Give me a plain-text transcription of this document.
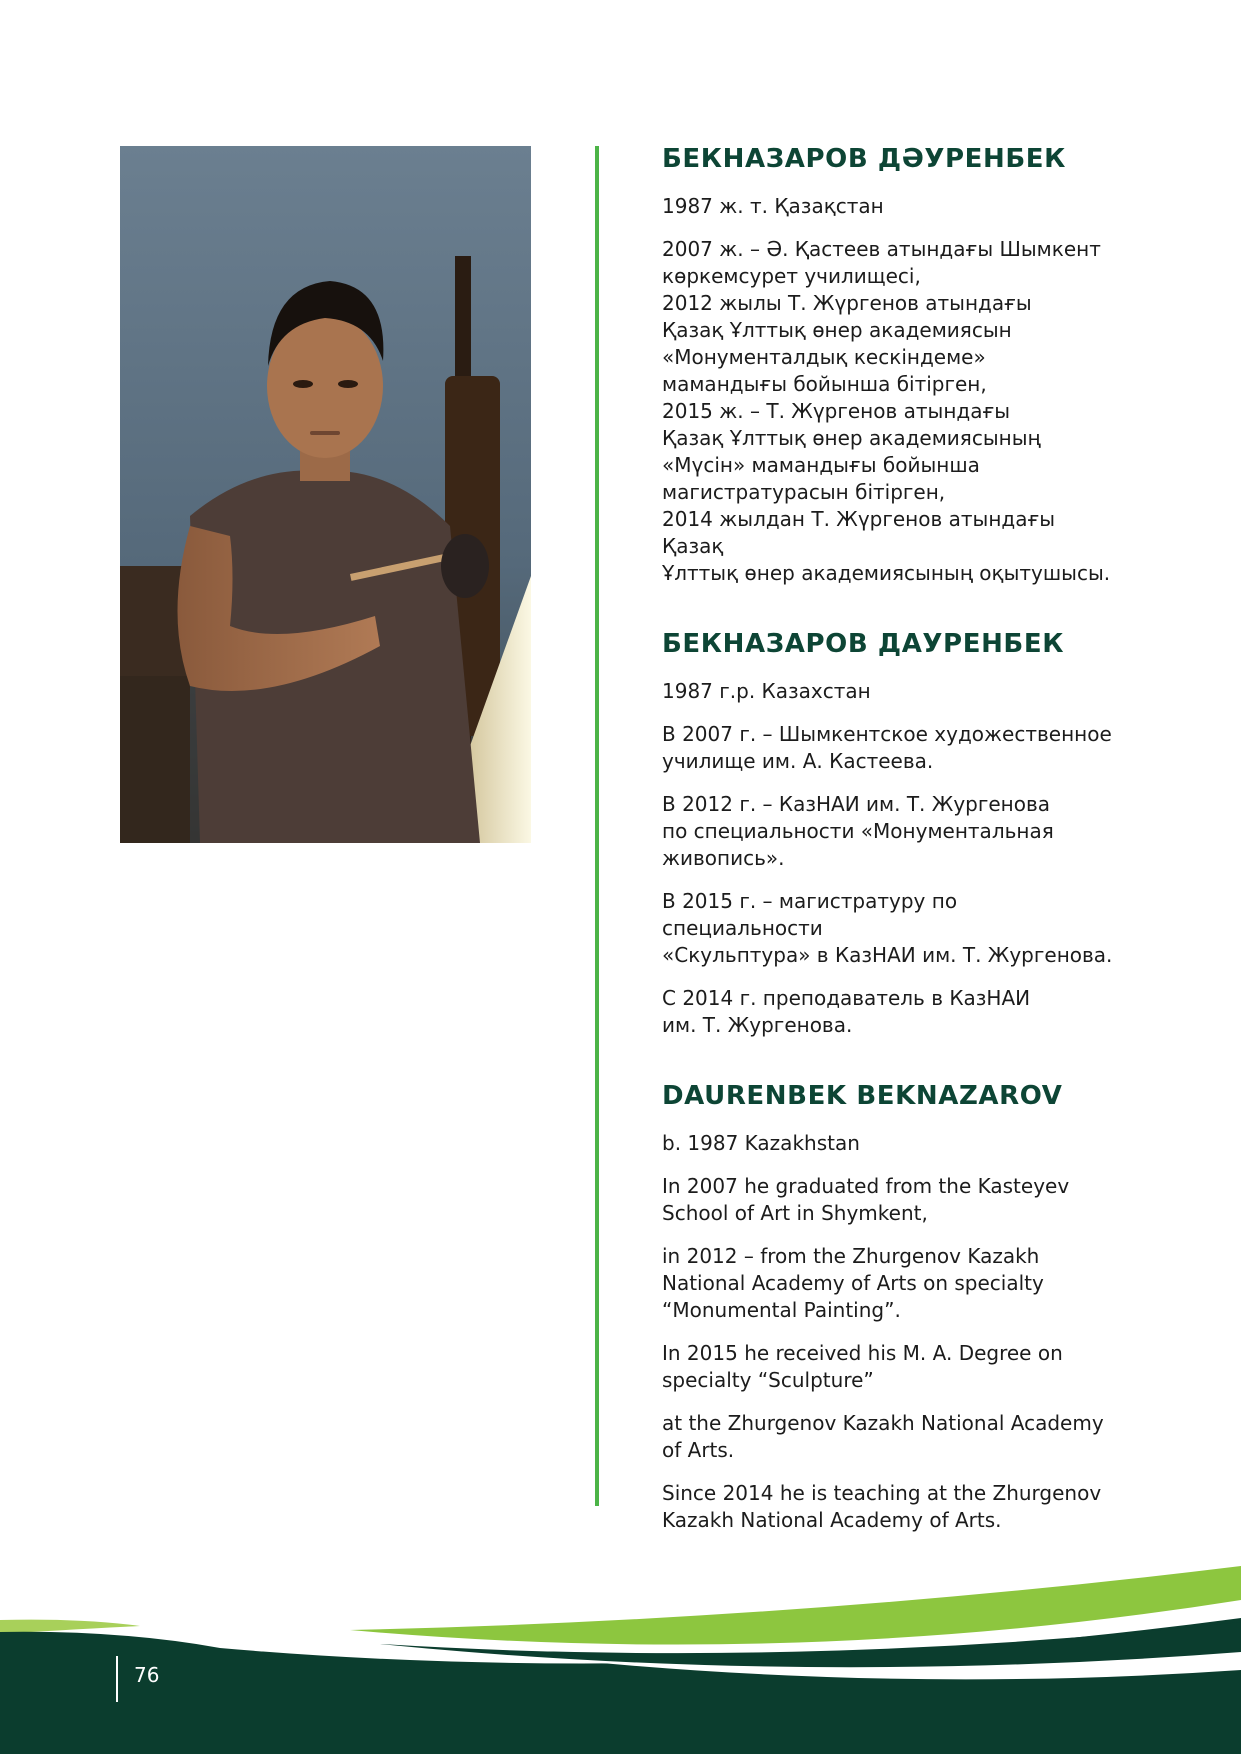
БЕКНАЗАРОВ ДӘУРЕНБЕК
1987 ж. т. Қазақстан
2007 ж. – Ә. Қастеев атындағы Шымкент
көркемсурет училищесі,
2012 жылы Т. Жүргенов атындағы
Қазақ Ұлттық өнер академиясын
«Монументалдық кескіндеме»
мамандығы бойынша бітірген,
2015 ж. – Т. Жүргенов атындағы
Қазақ Ұлттық өнер академиясының
«Мүсін» мамандығы бойынша
магистратурасын бітірген,
2014 жылдан Т. Жүргенов атындағы Қазақ
Ұлттық өнер академиясының оқытушысы.
БЕКНАЗАРОВ ДАУРЕНБЕК
1987 г.р. Казахстан
В 2007 г. – Шымкентское художественное
училище им. А. Кастеева.
В 2012 г. – КазНАИ им. Т. Жургенова
по специальности «Монументальная
живопись».
В 2015 г. – магистратуру по специальности
«Скульптура» в КазНАИ им. Т. Жургенова.
С 2014 г. преподаватель в КазНАИ
им. Т. Жургенова.
DAURENBEK BEKNAZAROV
b. 1987 Kazakhstan
In 2007 he graduated from the Kasteyev
School of Art in Shymkent,
in 2012 – from the Zhurgenov Kazakh
National Academy of Arts on specialty
“Monumental Painting”.
In 2015 he received his M. A. Degree on
specialty “Sculpture”
at the Zhurgenov Kazakh National Academy
of Arts.
Since 2014 he is teaching at the Zhurgenov
Kazakh National Academy of Arts.
76
